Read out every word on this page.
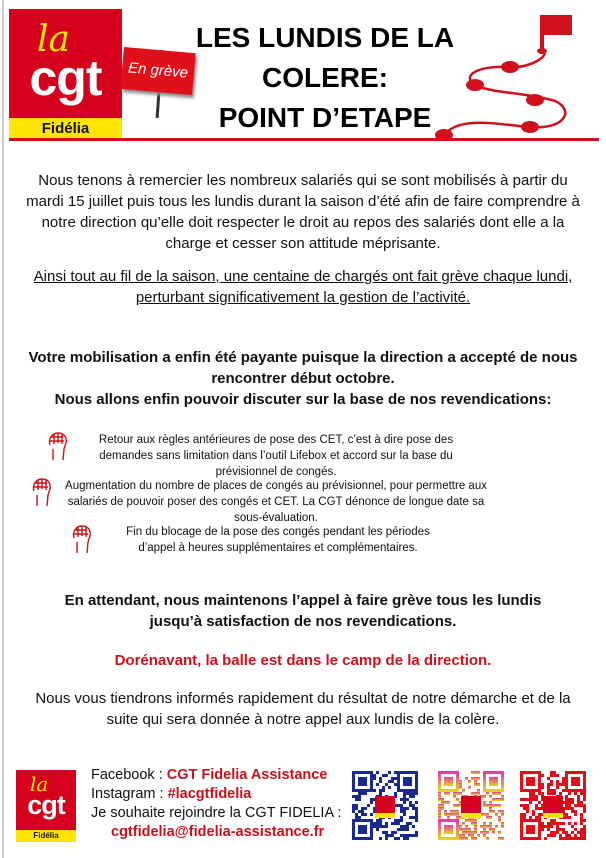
la
cgt
Fidélia
En grève
LES LUNDIS DE LA
COLERE:
POINT D’ETAPE
Nous tenons à remercier les nombreux salariés qui se sont mobilisés à partir du mardi 15 juillet puis tous les lundis durant la saison d’été afin de faire comprendre à notre direction qu’elle doit respecter le droit au repos des salariés dont elle a la charge et cesser son attitude méprisante.
Ainsi tout au fil de la saison, une centaine de chargés ont fait grève chaque lundi, perturbant significativement la gestion de l’activité.
Votre mobilisation a enfin été payante puisque la direction a accepté de nous rencontrer début octobre.
Nous allons enfin pouvoir discuter sur la base de nos revendications:
Retour aux règles antérieures de pose des CET, c’est à dire pose des demandes sans limitation dans l’outil Lifebox et accord sur la base du prévisionnel de congés.
Augmentation du nombre de places de congés au prévisionnel, pour permettre aux salariés de pouvoir poser des congés et CET. La CGT dénonce de longue date sa sous-évaluation.
Fin du blocage de la pose des congés pendant les périodes d’appel à heures supplémentaires et complémentaires.
En attendant, nous maintenons l’appel à faire grève tous les lundis jusqu’à satisfaction de nos revendications.
Dorénavant, la balle est dans le camp de la direction.
Nous vous tiendrons informés rapidement du résultat de notre démarche et de la suite qui sera donnée à notre appel aux lundis de la colère.
la
cgt
Fidélia
Facebook : CGT Fidelia Assistance
Instagram : #lacgtfidelia
Je souhaite rejoindre la CGT FIDELIA :
cgtfidelia@fidelia-assistance.fr
